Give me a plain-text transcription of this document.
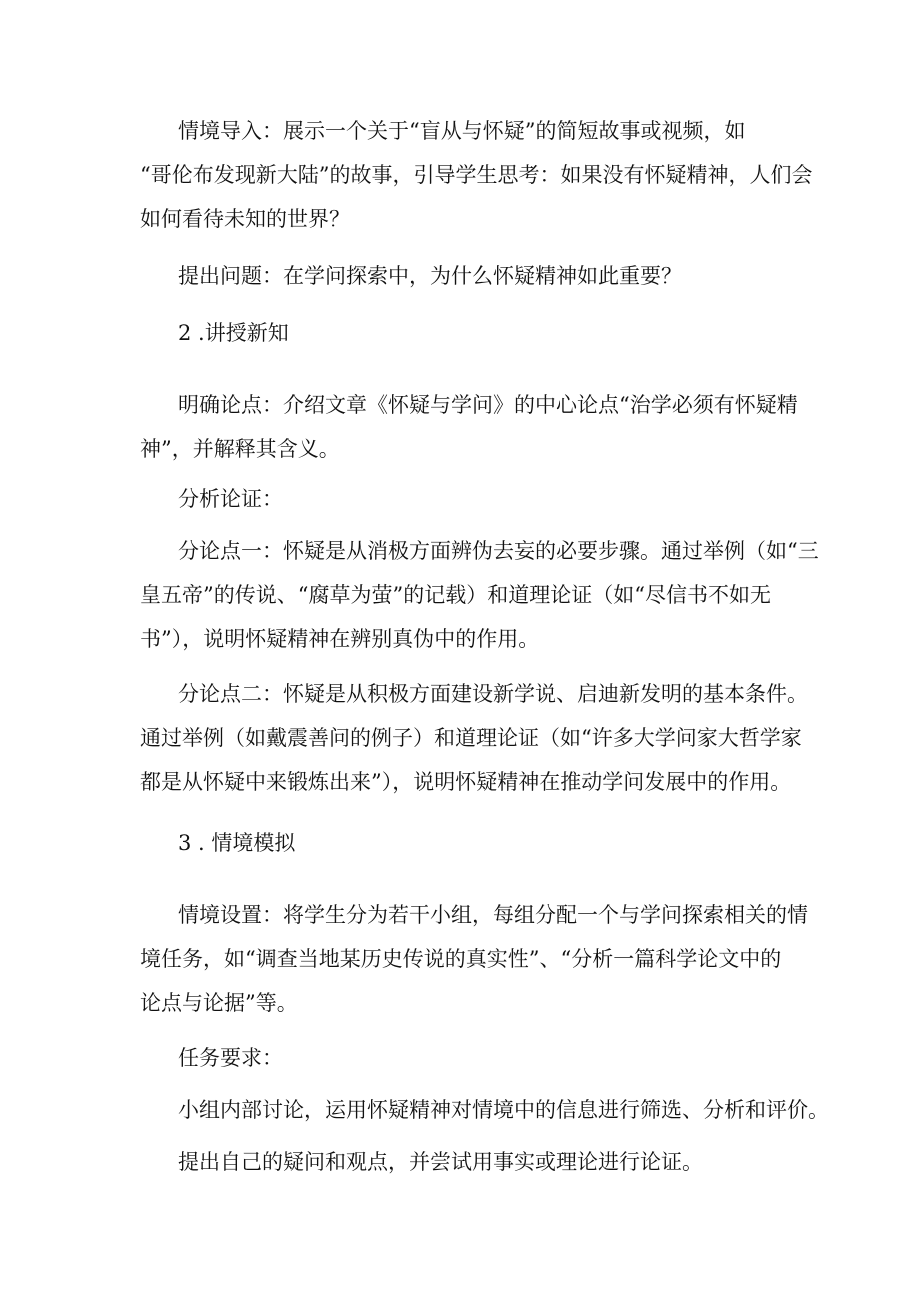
情境导入：展示一个关于“盲从与怀疑”的简短故事或视频，如
“哥伦布发现新大陆”的故事，引导学生思考：如果没有怀疑精神，人们会
如何看待未知的世界？
提出问题：在学问探索中，为什么怀疑精神如此重要？
2 .讲授新知
明确论点：介绍文章《怀疑与学问》的中心论点“治学必须有怀疑精
神”，并解释其含义。
分析论证：
分论点一：怀疑是从消极方面辨伪去妄的必要步骤。通过举例（如“三
皇五帝”的传说、“腐草为萤”的记载）和道理论证（如“尽信书不如无
书”），说明怀疑精神在辨别真伪中的作用。
分论点二：怀疑是从积极方面建设新学说、启迪新发明的基本条件。
通过举例（如戴震善问的例子）和道理论证（如“许多大学问家大哲学家
都是从怀疑中来锻炼出来”），说明怀疑精神在推动学问发展中的作用。
3 . 情境模拟
情境设置：将学生分为若干小组，每组分配一个与学问探索相关的情
境任务，如“调查当地某历史传说的真实性”、“分析一篇科学论文中的
论点与论据”等。
任务要求：
小组内部讨论，运用怀疑精神对情境中的信息进行筛选、分析和评价。
提出自己的疑问和观点，并尝试用事实或理论进行论证。
